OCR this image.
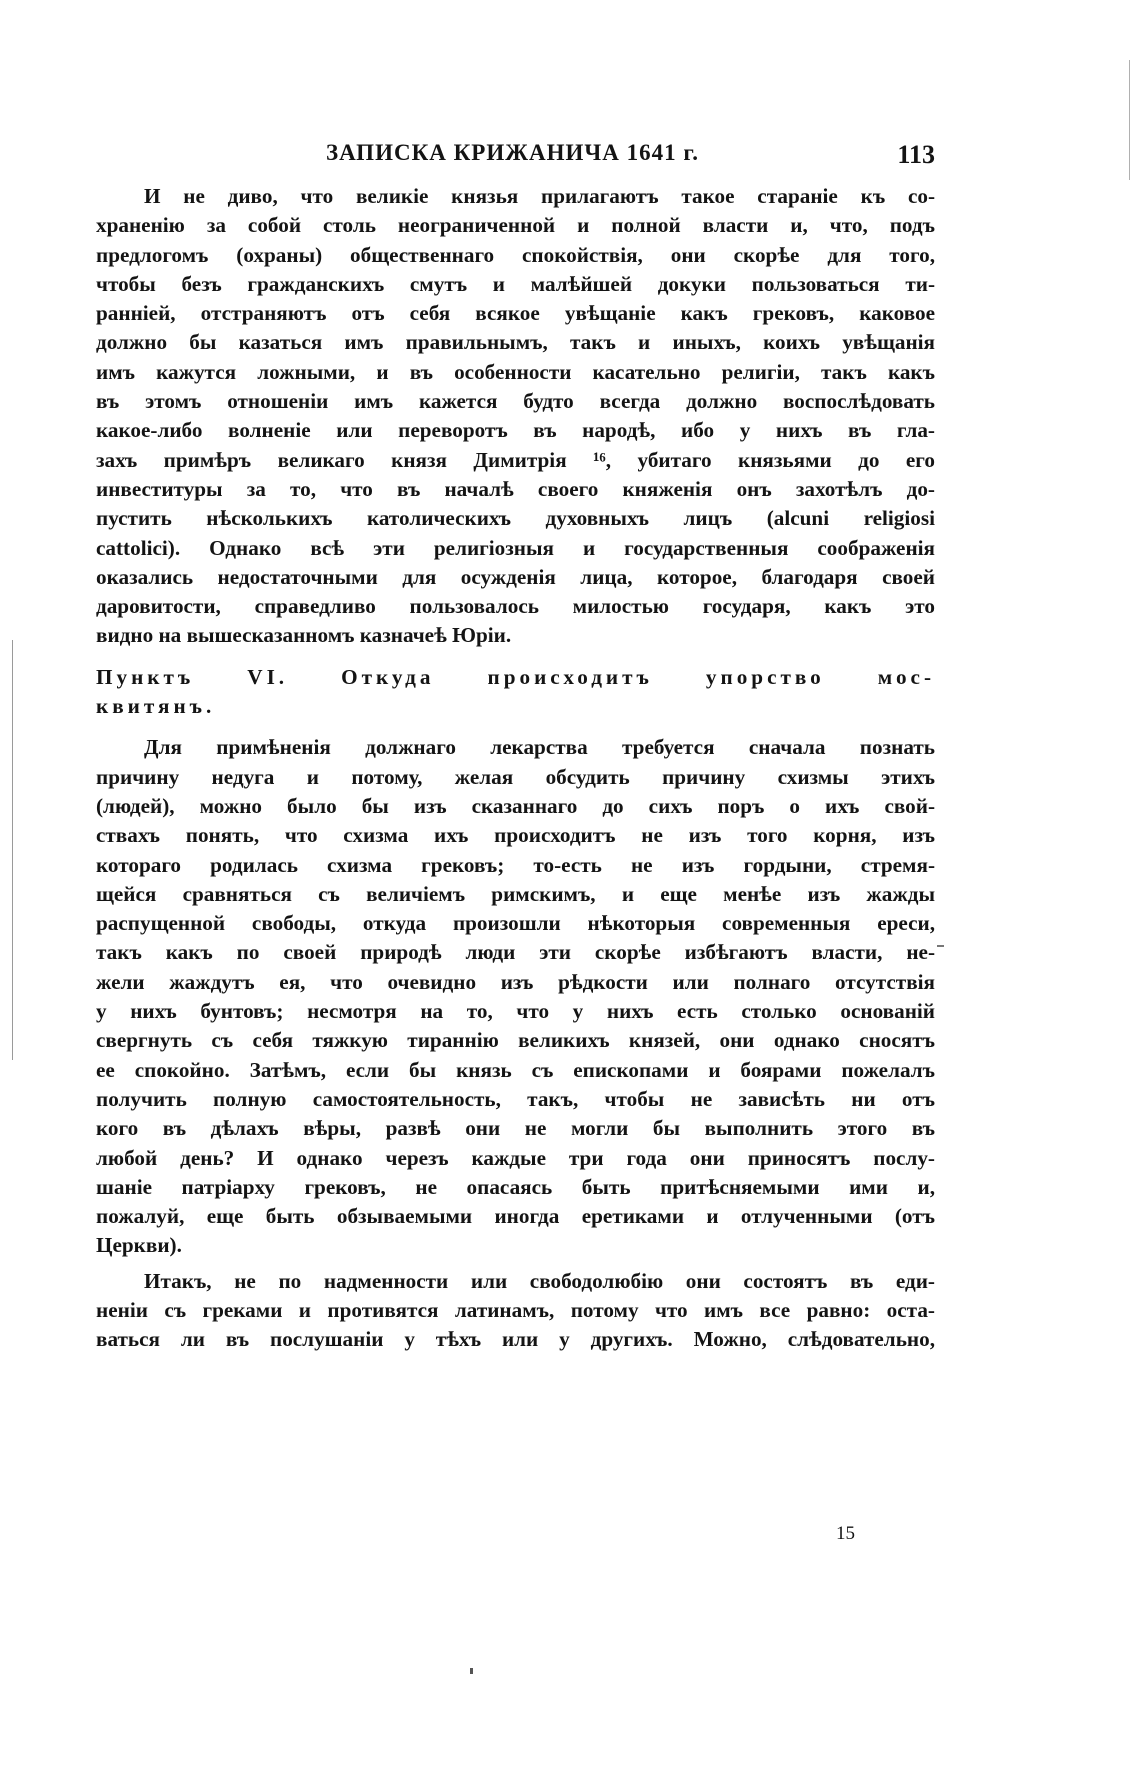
ЗАПИСКА КРИЖАНИЧА 1641 г.	113
И не диво, что великіе князья прилагаютъ такое стараніе къ со-
храненію за собой столь неограниченной и полной власти и, что, подъ
предлогомъ (охраны) общественнаго спокойствія, они скорѣе для того,
чтобы безъ гражданскихъ смутъ и малѣйшей докуки пользоваться ти-
ранніей, отстраняютъ отъ себя всякое увѣщаніе какъ грековъ, каковое
должно бы казаться имъ правильнымъ, такъ и иныхъ, коихъ увѣщанія
имъ кажутся ложными, и въ особенности касательно религіи, такъ какъ
въ этомъ отношеніи имъ кажется будто всегда должно воспослѣдовать
какое-либо волненіе или переворотъ въ народѣ, ибо у нихъ въ гла-
захъ примѣръ великаго князя Димитрія ¹⁶, убитаго князьями до его
инвеституры за то, что въ началѣ своего княженія онъ захотѣлъ до-
пустить нѣсколькихъ католическихъ духовныхъ лицъ (alcuni religiosi
cattolici). Однако всѣ эти религіозныя и государственныя соображенія
оказались недостаточными для осужденія лица, которое, благодаря своей
даровитости, справедливо пользовалось милостью государя, какъ это
видно на вышесказанномъ казначеѣ Юріи.
Пунктъ VI. Откуда происходитъ упорство мос-
квитянъ.
Для примѣненія должнаго лекарства требуется сначала познать
причину недуга и потому, желая обсудить причину схизмы этихъ
(людей), можно было бы изъ сказаннаго до сихъ поръ о ихъ свой-
ствахъ понять, что схизма ихъ происходитъ не изъ того корня, изъ
котораго родилась схизма грековъ; то-есть не изъ гордыни, стремя-
щейся сравняться съ величіемъ римскимъ, и еще менѣе изъ жажды
распущенной свободы, откуда произошли нѣкоторыя современныя ереси,
такъ какъ по своей природѣ люди эти скорѣе избѣгаютъ власти, не-
жели жаждутъ ея, что очевидно изъ рѣдкости или полнаго отсутствія
у нихъ бунтовъ; несмотря на то, что у нихъ есть столько основаній
свергнуть съ себя тяжкую тираннію великихъ князей, они однако сносятъ
ее спокойно. Затѣмъ, если бы князь съ епископами и боярами пожелалъ
получить полную самостоятельность, такъ, чтобы не зависѣть ни отъ
кого въ дѣлахъ вѣры, развѣ они не могли бы выполнить этого въ
любой день? И однако черезъ каждые три года они приносятъ послу-
шаніе патріарху грековъ, не опасаясь быть притѣсняемыми ими и,
пожалуй, еще быть обзываемыми иногда еретиками и отлученными (отъ
Церкви).
Итакъ, не по надменности или свободолюбію они состоятъ въ еди-
неніи съ греками и противятся латинамъ, потому что имъ все равно: оста-
ваться ли въ послушаніи у тѣхъ или у другихъ. Можно, слѣдовательно,
15
